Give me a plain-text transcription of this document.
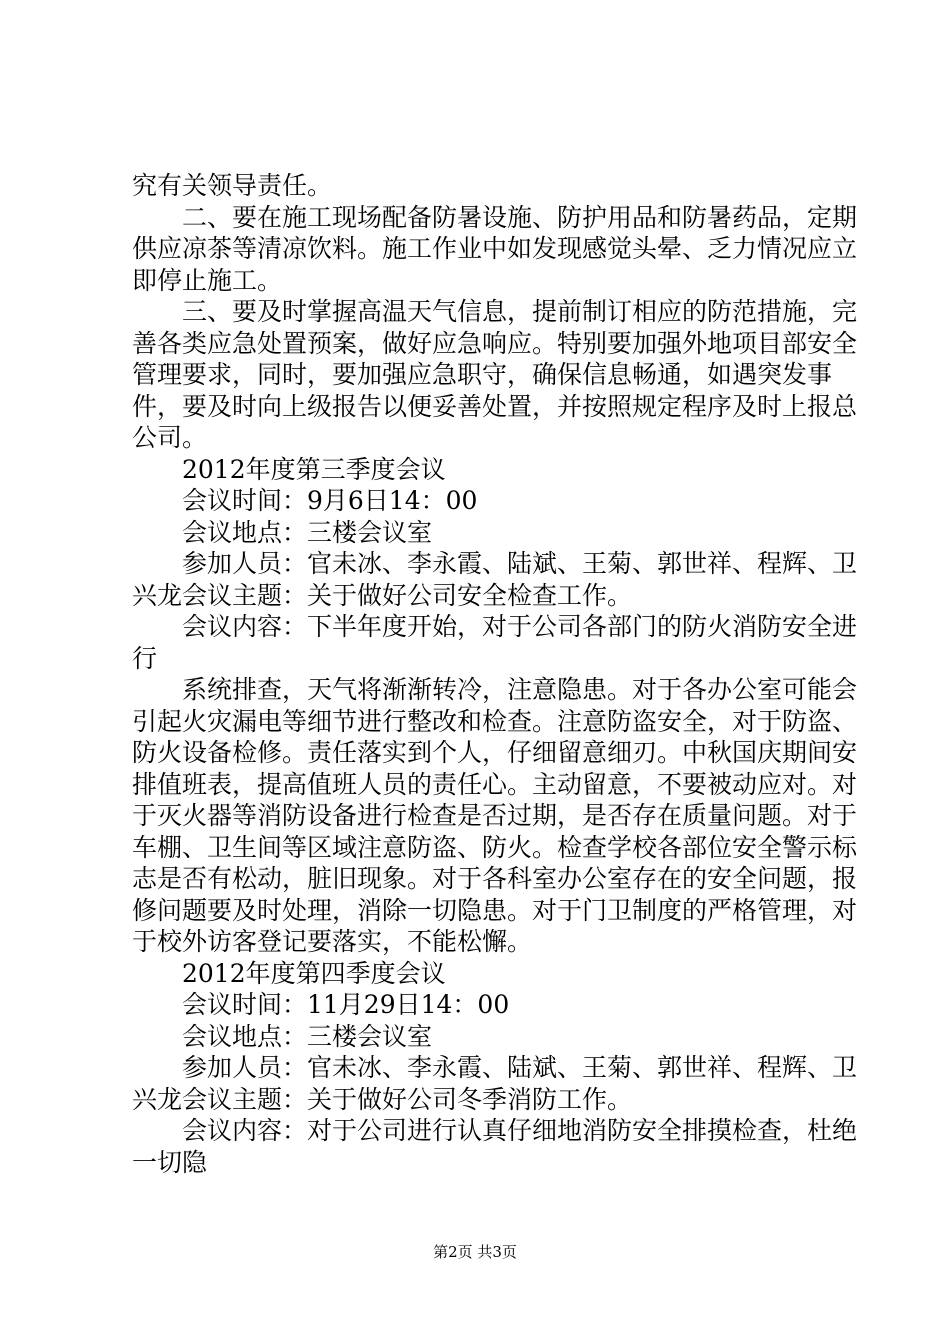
究有关领导责任。

二、要在施工现场配备防暑设施、防护用品和防暑药品，定期供应凉茶等清凉饮料。施工作业中如发现感觉头晕、乏力情况应立即停止施工。

三、要及时掌握高温天气信息，提前制订相应的防范措施，完善各类应急处置预案，做好应急响应。特别要加强外地项目部安全管理要求，同时，要加强应急职守，确保信息畅通，如遇突发事件，要及时向上级报告以便妥善处置，并按照规定程序及时上报总公司。

2012年度第三季度会议

会议时间：9月6日14：00

会议地点：三楼会议室

参加人员：官未冰、李永霞、陆斌、王菊、郭世祥、程辉、卫兴龙会议主题：关于做好公司安全检查工作。

会议内容：下半年度开始，对于公司各部门的防火消防安全进行

系统排查，天气将渐渐转冷，注意隐患。对于各办公室可能会引起火灾漏电等细节进行整改和检查。注意防盗安全，对于防盗、防火设备检修。责任落实到个人，仔细留意细刃。中秋国庆期间安排值班表，提高值班人员的责任心。主动留意，不要被动应对。对于灭火器等消防设备进行检查是否过期，是否存在质量问题。对于车棚、卫生间等区域注意防盗、防火。检查学校各部位安全警示标志是否有松动，脏旧现象。对于各科室办公室存在的安全问题，报修问题要及时处理，消除一切隐患。对于门卫制度的严格管理，对于校外访客登记要落实，不能松懈。

2012年度第四季度会议

会议时间：11月29日14：00

会议地点：三楼会议室

参加人员：官未冰、李永霞、陆斌、王菊、郭世祥、程辉、卫兴龙会议主题：关于做好公司冬季消防工作。

会议内容：对于公司进行认真仔细地消防安全排摸检查，杜绝一切隐

第2页 共3页
